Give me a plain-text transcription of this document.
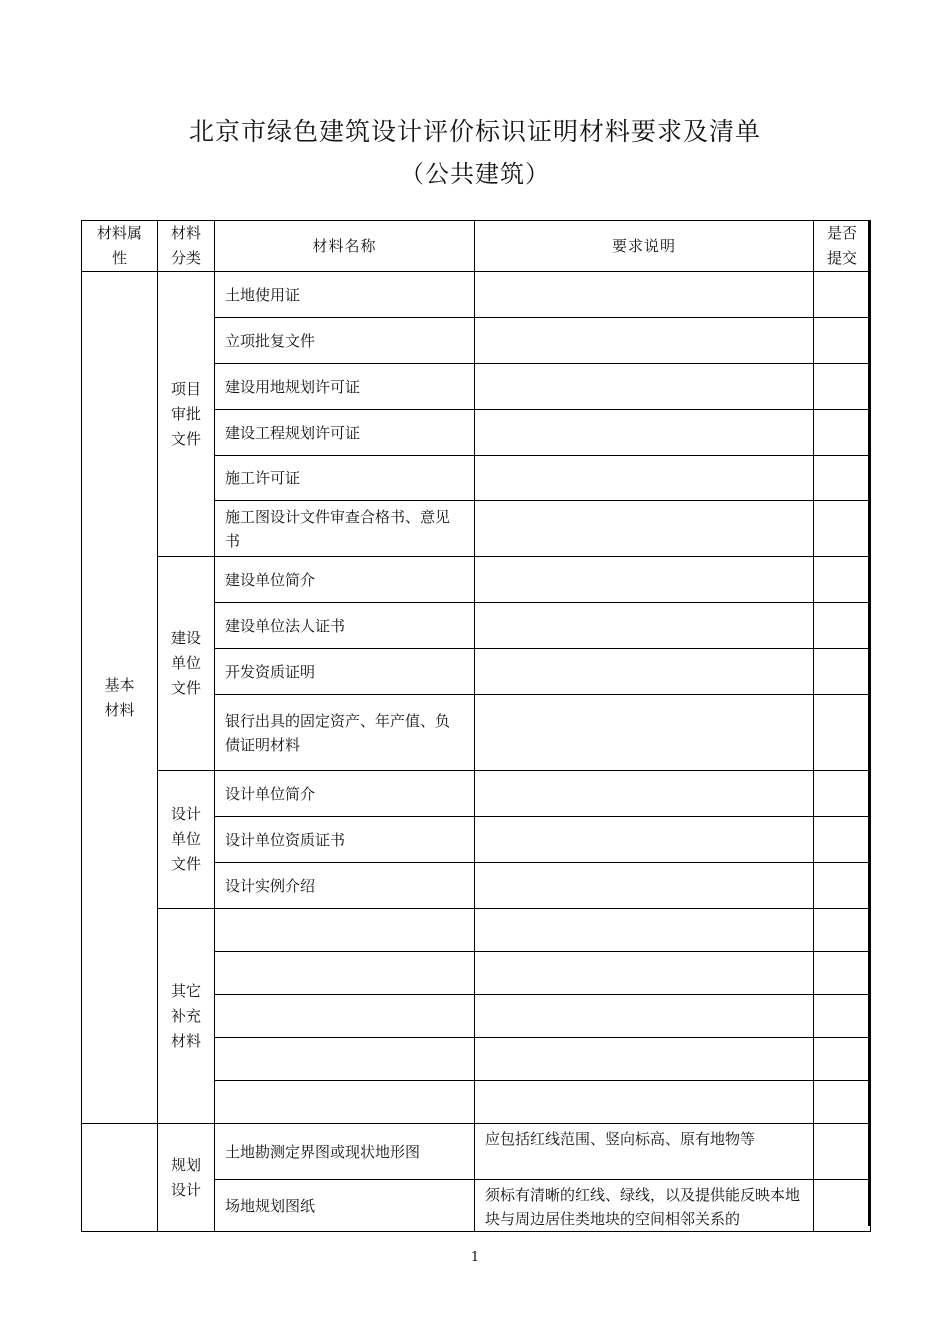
北京市绿色建筑设计评价标识证明材料要求及清单
（公共建筑）
材料属性	材料分类	材料名称	要求说明	是否提交
基本材料	项目审批文件	土地使用证		
		立项批复文件		
		建设用地规划许可证		
		建设工程规划许可证		
		施工许可证		
		施工图设计文件审查合格书、意见书		
	建设单位文件	建设单位简介		
		建设单位法人证书		
		开发资质证明		
		银行出具的固定资产、年产值、负债证明材料		
	设计单位文件	设计单位简介		
		设计单位资质证书		
		设计实例介绍		
	其它补充材料			

	规划设计	土地勘测定界图或现状地形图	应包括红线范围、竖向标高、原有地物等	

		场地规划图纸	须标有清晰的红线、绿线，以及提供能反映本地块与周边居住类地块的空间相邻关系的	

1
